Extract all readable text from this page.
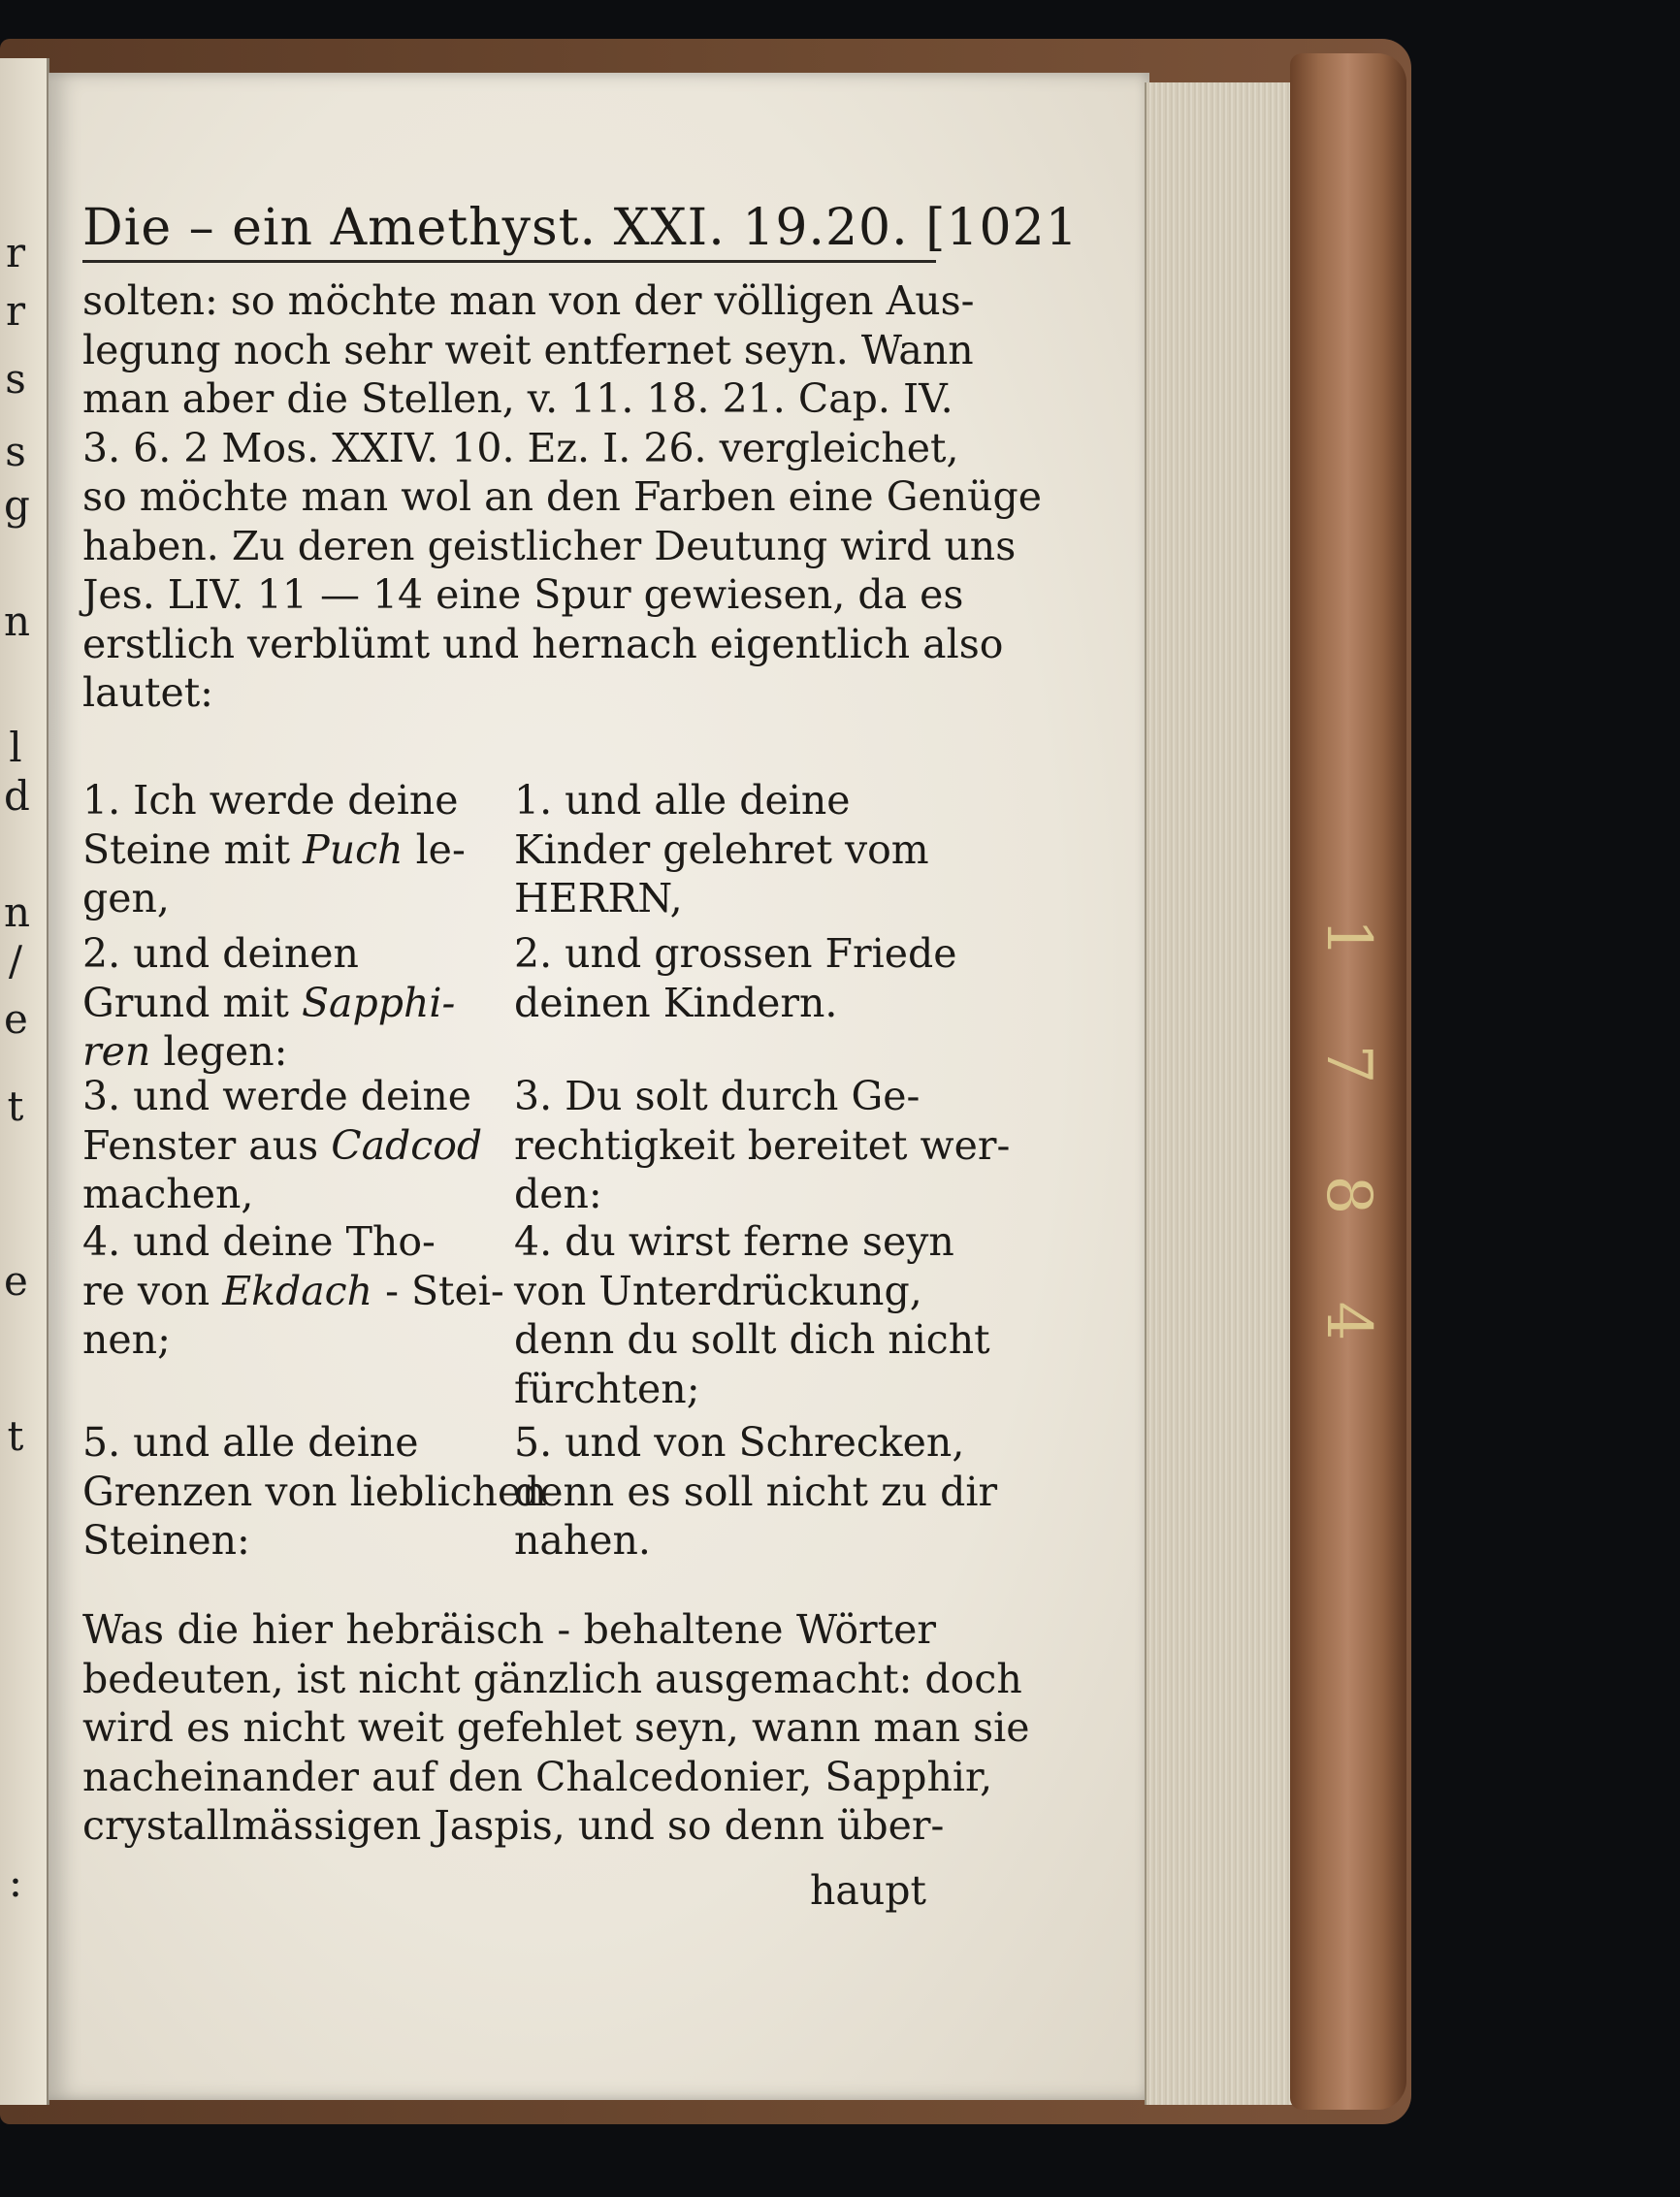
r
r
s
s
g
n
l
d
n
/
e
t
e
t
:
1
7
8
4
Die – ein Amethyst. XXI. 19.20. [1021
solten: so möchte man von der völligen Aus-
legung noch sehr weit entfernet seyn. Wann
man aber die Stellen, v. 11. 18. 21. Cap. IV.
3. 6. 2 Mos. XXIV. 10. Ez. I. 26. vergleichet,
so möchte man wol an den Farben eine Genüge
haben. Zu deren geistlicher Deutung wird uns
Jes. LIV. 11 — 14 eine Spur gewiesen, da es
erstlich verblümt und hernach eigentlich also
lautet:
1. Ich werde deine
Steine mit Puch le-
gen,
2. und deinen
Grund mit Sapphi-
ren legen:
3. und werde deine
Fenster aus Cadcod
machen,
4. und deine Tho-
re von Ekdach - Stei-
nen;
5. und alle deine
Grenzen von lieblichen
Steinen:
1. und alle deine
Kinder gelehret vom
HERRN,
2. und grossen Friede
deinen Kindern.
3. Du solt durch Ge-
rechtigkeit bereitet wer-
den:
4. du wirst ferne seyn
von Unterdrückung,
denn du sollt dich nicht
fürchten;
5. und von Schrecken,
denn es soll nicht zu dir
nahen.
Was die hier hebräisch - behaltene Wörter
bedeuten, ist nicht gänzlich ausgemacht: doch
wird es nicht weit gefehlet seyn, wann man sie
nacheinander auf den Chalcedonier, Sapphir,
crystallmässigen Jaspis, und so denn über-
haupt
